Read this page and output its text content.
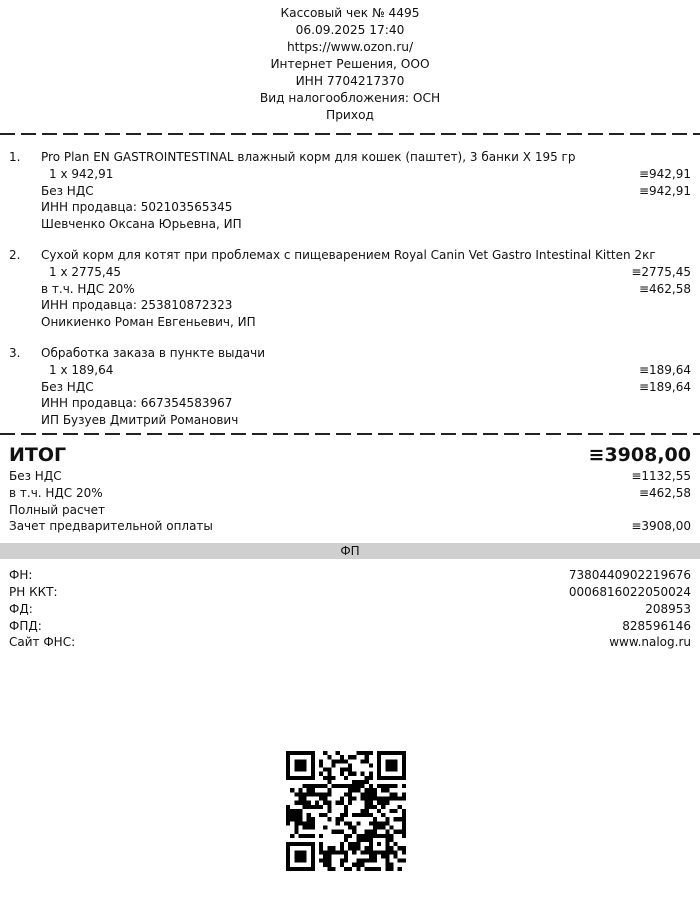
Кассовый чек № 4495
06.09.2025 17:40
https://www.ozon.ru/
Интернет Решения, ООО
ИНН 7704217370
Вид налогообложения: ОСН
Приход
1.	Pro Plan EN GASTROINTESTINAL влажный корм для кошек (паштет), 3 банки Х 195 гр
1 x 942,91	≡942,91
Без НДС	≡942,91
ИНН продавца: 502103565345
Шевченко Оксана Юрьевна, ИП
2.	Сухой корм для котят при проблемах с пищеварением Royal Canin Vet Gastro Intestinal Kitten 2кг
1 x 2775,45	≡2775,45
в т.ч. НДС 20%	≡462,58
ИНН продавца: 253810872323
Оникиенко Роман Евгеньевич, ИП
3.	Обработка заказа в пункте выдачи
1 x 189,64	≡189,64
Без НДС	≡189,64
ИНН продавца: 667354583967
ИП Бузуев Дмитрий Романович
ИТОГ	≡3908,00
Без НДС	≡1132,55
в т.ч. НДС 20%	≡462,58
Полный расчет
Зачет предварительной оплаты	≡3908,00
ФП
ФН:	7380440902219676
РН ККТ:	0006816022050024
ФД:	208953
ФПД:	828596146
Сайт ФНС:	www.nalog.ru
